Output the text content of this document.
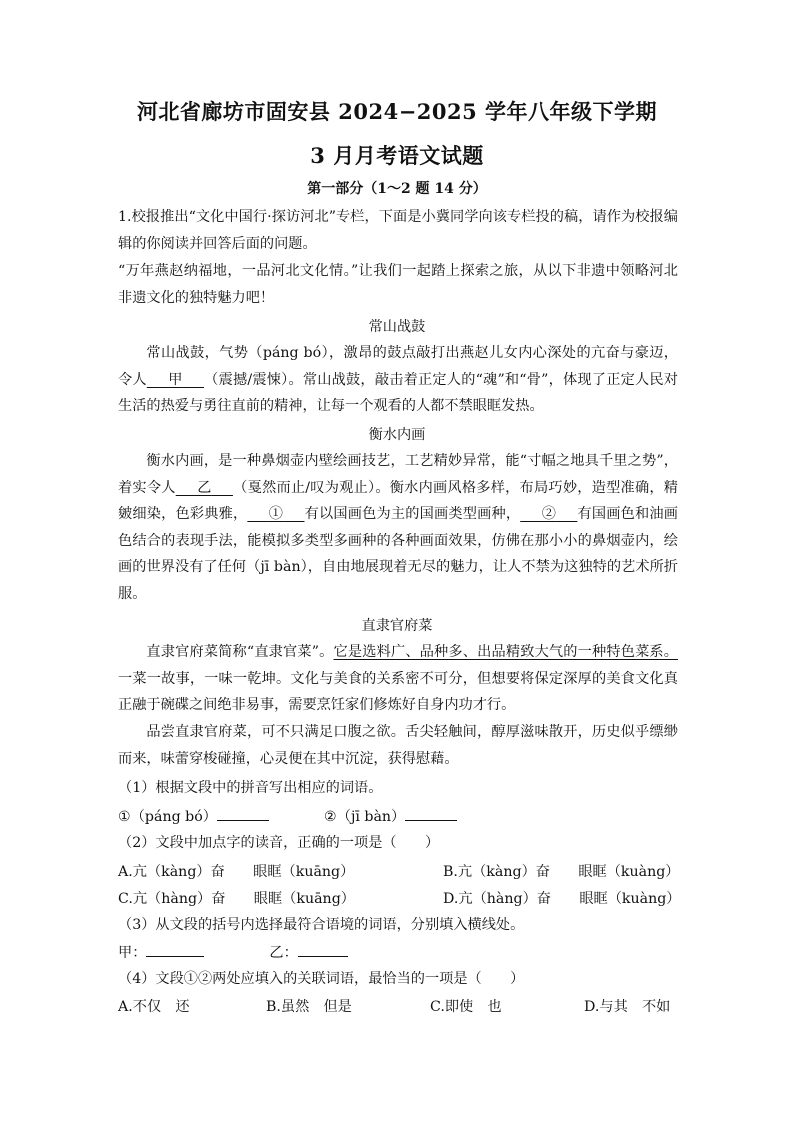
河北省廊坊市固安县 2024−2025 学年八年级下学期
3 月月考语文试题
第一部分（1～2 题 14 分）

1.校报推出“文化中国行·探访河北”专栏，下面是小冀同学向该专栏投的稿，请作为校报编辑的你阅读并回答后面的问题。

“万年燕赵纳福地，一品河北文化情。”让我们一起踏上探索之旅，从以下非遗中领略河北非遗文化的独特魅力吧！

常山战鼓

常山战鼓，气势（páng bó），激昂的鼓点敲打出燕赵儿女内心深处的亢奋与豪迈，令人   甲   （震撼/震悚）。常山战鼓，敲击着正定人的“魂”和“骨”，体现了正定人民对生活的热爱与勇往直前的精神，让每一个观看的人都不禁眼眶发热。

衡水内画

衡水内画，是一种鼻烟壶内壁绘画技艺，工艺精妙异常，能“寸幅之地具千里之势”，着实令人   乙   （戛然而止/叹为观止）。衡水内画风格多样，布局巧妙，造型准确，精皴细染，色彩典雅，   ①   有以国画色为主的国画类型画种，   ②   有国画色和油画色结合的表现手法，能模拟多类型多画种的各种画面效果，仿佛在那小小的鼻烟壶内，绘画的世界没有了任何（jī bàn），自由地展现着无尽的魅力，让人不禁为这独特的艺术所折服。

直隶官府菜

直隶官府菜简称“直隶官菜”。它是选料广、品种多、出品精致大气的一种特色菜系。一菜一故事，一味一乾坤。文化与美食的关系密不可分，但想要将保定深厚的美食文化真正融于碗碟之间绝非易事，需要烹饪家们修炼好自身内功才行。

品尝直隶官府菜，可不只满足口腹之欲。舌尖轻触间，醇厚滋味散开，历史似乎缥缈而来，味蕾穿梭碰撞，心灵便在其中沉淀，获得慰藉。

（1）根据文段中的拼音写出相应的词语。
①（páng bó）	②（jī bàn）
（2）文段中加点字的读音，正确的一项是（　　）
A.亢（kàng）奋　　眼眶（kuāng）	B.亢（kàng）奋　　眼眶（kuàng）
C.亢（hàng）奋　　眼眶（kuāng）	D.亢（hàng）奋　　眼眶（kuàng）
（3）从文段的括号内选择最符合语境的词语，分别填入横线处。
甲：	乙：
（4）文段①②两处应填入的关联词语，最恰当的一项是（　　）
A.不仅　还	B.虽然　但是	C.即使　也	D.与其　不如
